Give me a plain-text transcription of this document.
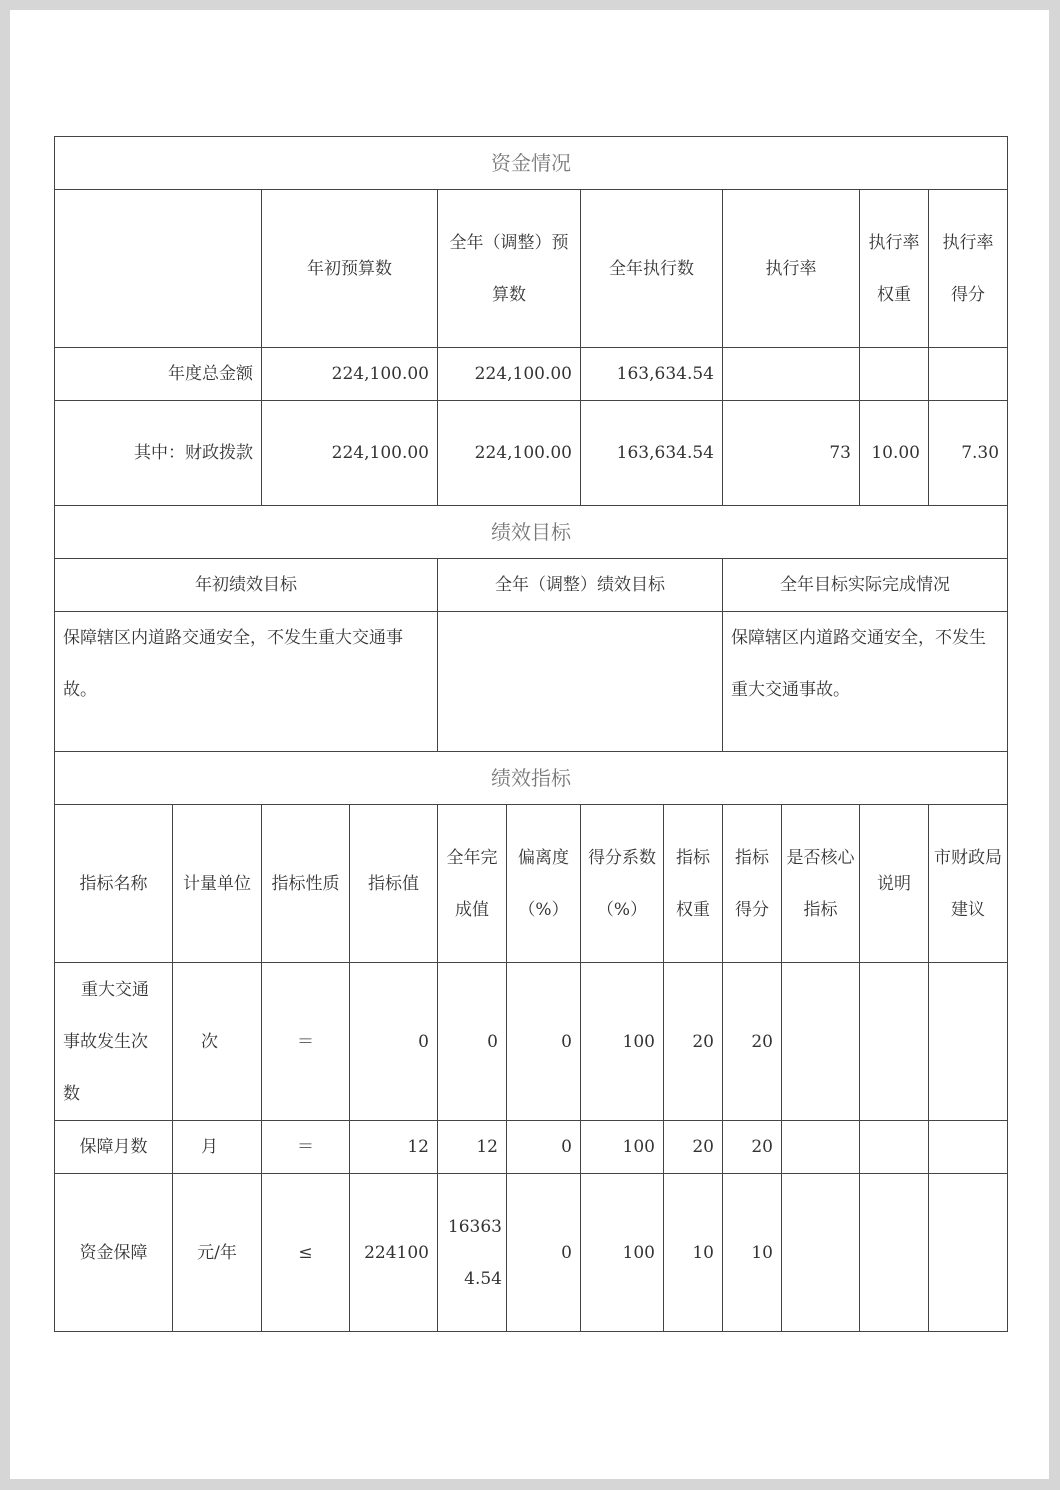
资金情况											
		年初预算数		全年（调整）预算数		全年执行数		执行率		执行率权重	执行率得分
年度总金额		224,100.00		224,100.00		163,634.54					
其中：财政拨款		224,100.00		224,100.00		163,634.54		73		10.00	7.30
绩效目标											
年初绩效目标				全年（调整）绩效目标				全年目标实际完成情况			
保障辖区内道路交通安全，不发生重大交通事故。								保障辖区内道路交通安全，不发生重大交通事故。			
绩效指标											
指标名称	计量单位	指标性质	指标值	全年完成值	偏离度（%）	得分系数（%）	指标权重	指标得分	是否核心指标	说明	市财政局建议
重大交通事故发生次数	次	＝	0	0	0	100	20	20			
保障月数	月	＝	12	12	0	100	20	20			
资金保障	元/年	≤	224100	163634.54	0	100	10	10			
